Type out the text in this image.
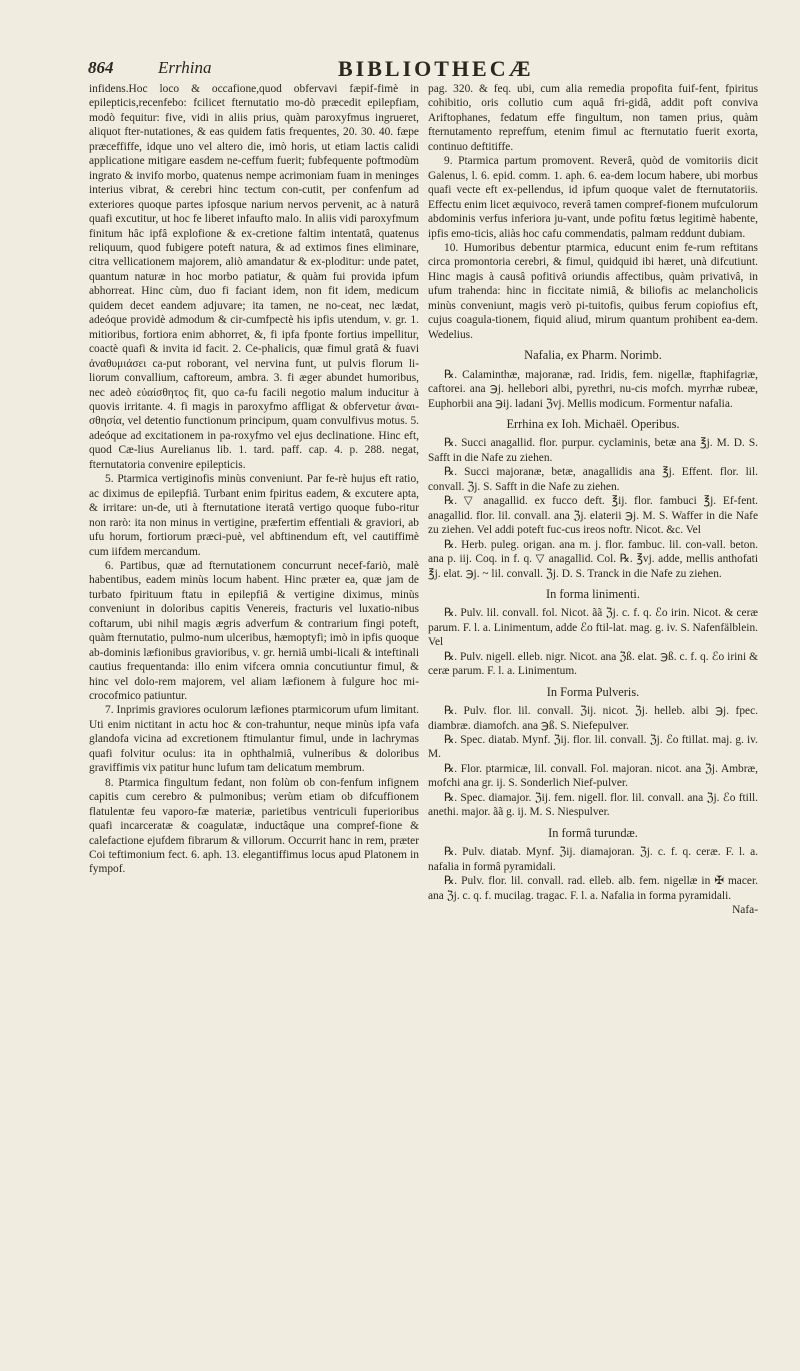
864	Errhina	BIBLIOTHECÆ

infidens.Hoc loco & occafione,quod obfervavi fæpif-fimè in epilepticis,recenfebo: fcilicet fternutatio mo-dò præcedit epilepfiam, modò fequitur: five, vidi in aliis prius, quàm paroxyfmus ingrueret, aliquot fter-nutationes, & eas quidem fatis frequentes, 20. 30. 40. fæpe præceffiffe, idque uno vel altero die, imò horis, ut etiam lactis calidi applicatione mitigare easdem ne-ceffum fuerit; fubfequente poftmodùm ingrato & invifo morbo, quatenus nempe acrimoniam fuam in meninges interius vibrat, & cerebri hinc tectum con-cutit, per confenfum ad exteriores quoque partes ipfosque narium nervos pervenit, ac à naturâ quafi excutitur, ut hoc fe liberet infaufto malo. In aliis vidi paroxyfmum finitum hâc ipfâ explofione & ex-cretione faltim intentatâ, quatenus reliquum, quod fubigere poteft natura, & ad extimos fines eliminare, citra vellicationem majorem, aliò amandatur & ex-ploditur: unde patet, quantum naturæ in hoc morbo patiatur, & quàm fui provida ipfum abhorreat. Hinc cùm, duo fi faciant idem, non fit idem, medicum quidem decet eandem adjuvare; ita tamen, ne no-ceat, nec lædat, adeóque providè admodum & cir-cumfpectè his ipfis utendum, v. gr. 1. mitioribus, fortiora enim abhorret, &, fi ipfa fponte fortius impellitur, coactè quafi & invita id facit. 2. Ce-phalicis, quæ fimul gratâ & fuavi ἀναθυμιάσει ca-put roborant, vel nervina funt, ut pulvis florum li-liorum convallium, caftoreum, ambra. 3. fi æger abundet humoribus, nec adeò εὐαίσθητος fit, quo ca-fu facili negotio malum inducitur à quovis irritante. 4. fi magis in paroxyfmo affligat & obfervetur ἀναι-σθησία, vel detentio functionum principum, quam convulfivus motus. 5. adeóque ad excitationem in pa-roxyfmo vel ejus declinatione. Hinc eft, quod Cæ-lius Aurelianus lib. 1. tard. paff. cap. 4. p. 288. negat, fternutatoria convenire epilepticis.

5. Ptarmica vertiginofis minùs conveniunt. Par fe-rè hujus eft ratio, ac diximus de epilepfiâ. Turbant enim fpiritus eadem, & excutere apta, & irritare: un-de, uti à fternutatione iteratâ vertigo quoque fubo-ritur non rarò: ita non minus in vertigine, præfertim effentiali & graviori, ab ufu horum, fortiorum præci-puè, vel abftinendum eft, vel cautiffimè cum iifdem mercandum.

6. Partibus, quæ ad fternutationem concurrunt necef-fariò, malè habentibus, eadem minùs locum habent. Hinc præter ea, quæ jam de turbato fpirituum ftatu in epilepfiâ & vertigine diximus, minùs conveniunt in doloribus capitis Venereis, fracturis vel luxatio-nibus coftarum, ubi nihil magis ægris adverfum & contrarium fingi poteft, quàm fternutatio, pulmo-num ulceribus, hæmoptyfi; imò in ipfis quoque ab-dominis læfionibus gravioribus, v. gr. herniâ umbi-licali & inteftinali cautius frequentanda: illo enim vifcera omnia concutiuntur fimul, & hinc vel dolo-rem majorem, vel aliam læfionem à fulgure hoc mi-crocofmico patiuntur.

7. Inprimis graviores oculorum læfiones ptarmicorum ufum limitant. Uti enim nictitant in actu hoc & con-trahuntur, neque minùs ipfa vafa glandofa vicina ad excretionem ftimulantur fimul, unde in lachrymas quafi folvitur oculus: ita in ophthalmiâ, vulneribus & doloribus graviffimis vix patitur hunc lufum tam delicatum membrum.

8. Ptarmica fingultum fedant, non folùm ob con-fenfum infignem capitis cum cerebro & pulmonibus; verùm etiam ob difcuffionem flatulentæ feu vaporo-fæ materiæ, parietibus ventriculi fuperioribus quafi incarceratæ & coagulatæ, inductâque una compref-fione & calefactione ejufdem fibrarum & villorum. Occurrit hanc in rem, præter Coi teftimonium fect. 6. aph. 13. elegantiffimus locus apud Platonem in fympof.

pag. 320. & feq. ubi, cum alia remedia propofita fuif-fent, fpiritus cohibitio, oris collutio cum aquâ fri-gidâ, addit poft conviva Ariftophanes, fedatum effe fingultum, non tamen prius, quàm fternutamento repreffum, etenim fimul ac fternutatio fuerit exorta, continuo deftitiffe.

9. Ptarmica partum promovent. Reverâ, quòd de vomitoriis dicit Galenus, l. 6. epid. comm. 1. aph. 6. ea-dem locum habere, ubi morbus quafi vecte eft ex-pellendus, id ipfum quoque valet de fternutatoriis. Effectu enim licet æquivoco, reverâ tamen compref-fionem mufculorum abdominis verfus inferiora ju-vant, unde pofitu fœtus legitimè habente, ipfis emo-ticis, aliàs hoc cafu commendatis, palmam reddunt dubiam.

10. Humoribus debentur ptarmica, educunt enim fe-rum reftitans circa promontoria cerebri, & fimul, quidquid ibi hæret, unà difcutiunt. Hinc magis à causâ pofitivâ oriundis affectibus, quàm privativâ, in ufum trahenda: hinc in ficcitate nimiâ, & biliofis ac melancholicis minùs conveniunt, magis verò pi-tuitofis, quibus ferum copiofius eft, cujus coagula-tionem, fiquid aliud, mirum quantum prohibent ea-dem. Wedelius.

Nafalia, ex Pharm. Norimb.

℞. Calaminthæ, majoranæ, rad. Iridis, fem. nigellæ, ftaphifagriæ, caftorei. ana ℈j. hellebori albi, pyrethri, nu-cis mofch. myrrhæ rubeæ, Euphorbii ana ℈ij. ladani ℨvj. Mellis modicum. Formentur nafalia.

Errhina ex Ioh. Michaël. Operibus.

℞. Succi anagallid. flor. purpur. cyclaminis, betæ ana ℥j. M. D. S. Safft in die Nafe zu ziehen.

℞. Succi majoranæ, betæ, anagallidis ana ℥j. Effent. flor. lil. convall. ℨj. S. Safft in die Nafe zu ziehen.

℞. ▽ anagallid. ex fucco deft. ℥ij. flor. fambuci ℥j. Ef-fent. anagallid. flor. lil. convall. ana ℨj. elaterii ℈j. M. S. Waffer in die Nafe zu ziehen. Vel addi poteft fuc-cus ireos noftr. Nicot. &c. Vel

℞. Herb. puleg. origan. ana m. j. flor. fambuc. lil. con-vall. beton. ana p. iij. Coq. in f. q. ▽ anagallid. Col. ℞. ℥vj. adde, mellis anthofati ℥j. elat. ℈j. ~ lil. convall. ℨj. D. S. Tranck in die Nafe zu ziehen.

In forma linimenti.

℞. Pulv. lil. convall. fol. Nicot. ãã ℨj. c. f. q. ℰo irin. Nicot. & ceræ parum. F. l. a. Linimentum, adde ℰo ftil-lat. mag. g. iv. S. Nafenfälblein. Vel

℞. Pulv. nigell. elleb. nigr. Nicot. ana ℨß. elat. ℈ß. c. f. q. ℰo irini & ceræ parum. F. l. a. Linimentum.

In Forma Pulveris.

℞. Pulv. flor. lil. convall. ℨij. nicot. ℨj. helleb. albi ℈j. fpec. diambræ. diamofch. ana ℈ß. S. Niefepulver.

℞. Spec. diatab. Mynf. ℨij. flor. lil. convall. ℨj. ℰo ftillat. maj. g. iv. M.

℞. Flor. ptarmicæ, lil. convall. Fol. majoran. nicot. ana ℨj. Ambræ, mofchi ana gr. ij. S. Sonderlich Nief-pulver.

℞. Spec. diamajor. ℨij. fem. nigell. flor. lil. convall. ana ℨj. ℰo ftill. anethi. major. ãã g. ij. M. S. Niespulver.

In formâ turundæ.

℞. Pulv. diatab. Mynf. ℨij. diamajoran. ℨj. c. f. q. ceræ. F. l. a. nafalia in formâ pyramidali.

℞. Pulv. flor. lil. convall. rad. elleb. alb. fem. nigellæ in ✠ macer. ana ℨj. c. q. f. mucilag. tragac. F. l. a. Nafalia in forma pyramidali.

Nafa-
